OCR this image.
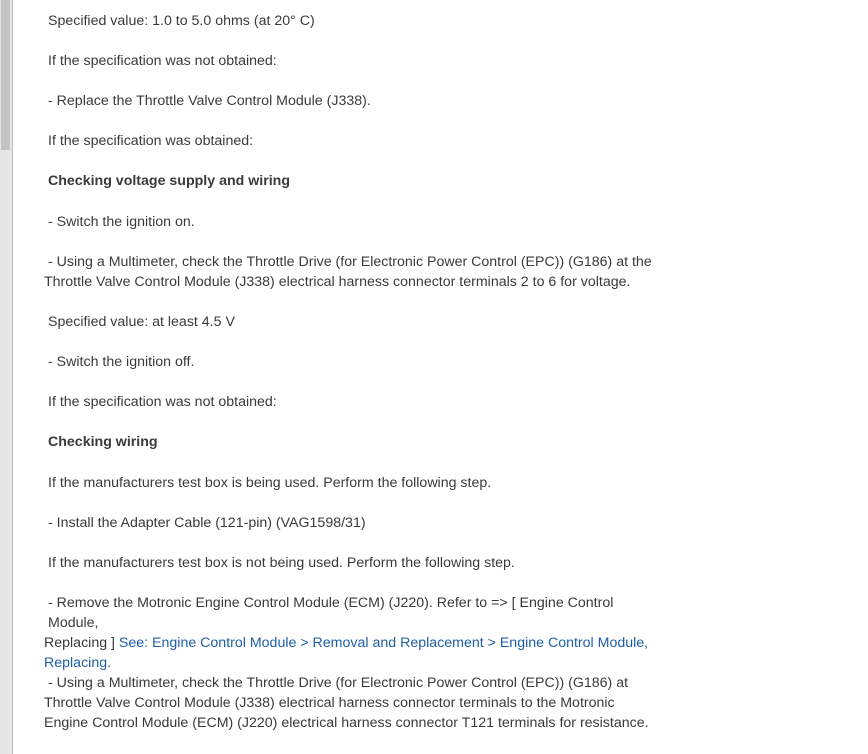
Specified value: 1.0 to 5.0 ohms (at 20° C)
If the specification was not obtained:
- Replace the Throttle Valve Control Module (J338).
If the specification was obtained:
Checking voltage supply and wiring
- Switch the ignition on.
- Using a Multimeter, check the Throttle Drive (for Electronic Power Control (EPC)) (G186) at the
Throttle Valve Control Module (J338) electrical harness connector terminals 2 to 6 for voltage.
Specified value: at least 4.5 V
- Switch the ignition off.
If the specification was not obtained:
Checking wiring
If the manufacturers test box is being used. Perform the following step.
- Install the Adapter Cable (121-pin) (VAG1598/31)
If the manufacturers test box is not being used. Perform the following step.
- Remove the Motronic Engine Control Module (ECM) (J220). Refer to => [ Engine Control Module,
Replacing ] See: Engine Control Module > Removal and Replacement > Engine Control Module,
Replacing.
- Using a Multimeter, check the Throttle Drive (for Electronic Power Control (EPC)) (G186) at
Throttle Valve Control Module (J338) electrical harness connector terminals to the Motronic
Engine Control Module (ECM) (J220) electrical harness connector T121 terminals for resistance.
